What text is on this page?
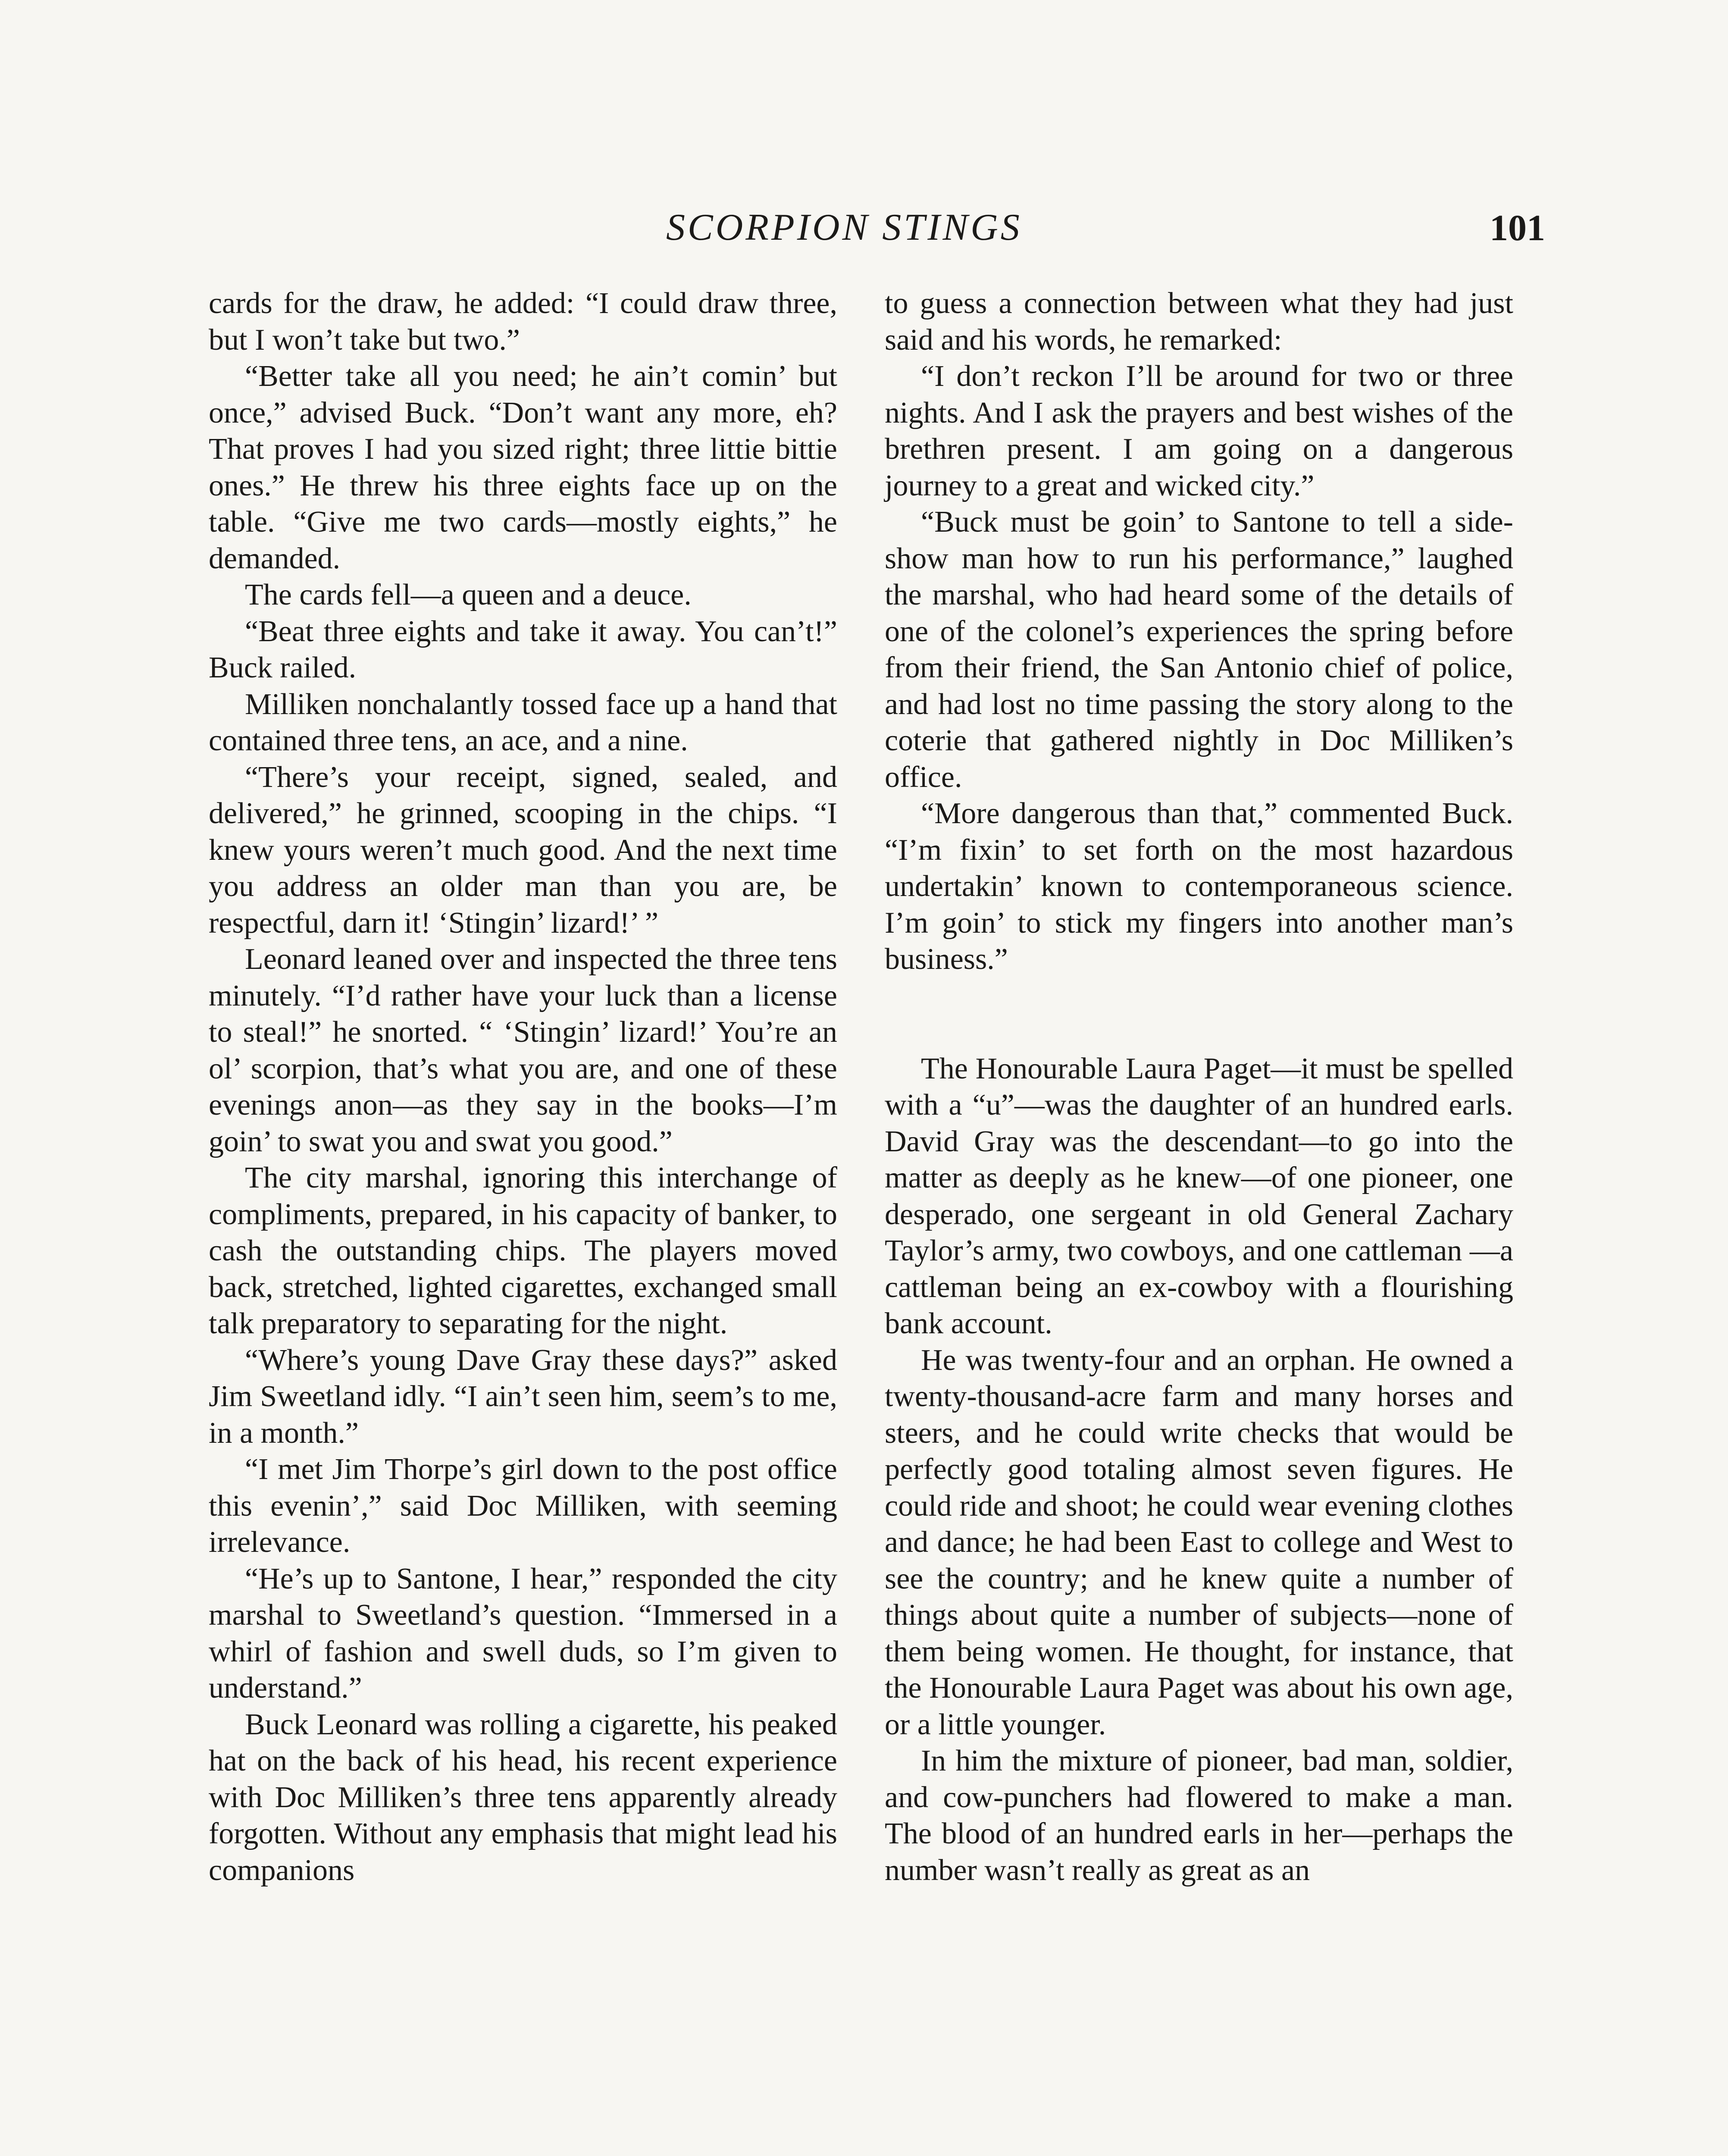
SCORPION STINGS	101

cards for the draw, he added: “I could draw three, but I won’t take but two.”

“Better take all you need; he ain’t comin’ but once,” advised Buck. “Don’t want any more, eh? That proves I had you sized right; three littie bittie ones.” He threw his three eights face up on the table. “Give me two cards—mostly eights,” he demanded.

The cards fell—a queen and a deuce.

“Beat three eights and take it away. You can’t!” Buck railed.

Milliken nonchalantly tossed face up a hand that contained three tens, an ace, and a nine.

“There’s your receipt, signed, sealed, and delivered,” he grinned, scooping in the chips. “I knew yours weren’t much good. And the next time you address an older man than you are, be respectful, darn it! ‘Stingin’ lizard!’ ”

Leonard leaned over and inspected the three tens minutely. “I’d rather have your luck than a license to steal!” he snorted. “ ‘Stingin’ lizard!’ You’re an ol’ scorpion, that’s what you are, and one of these evenings anon—as they say in the books—I’m goin’ to swat you and swat you good.”

The city marshal, ignoring this interchange of compliments, prepared, in his capacity of banker, to cash the outstanding chips. The players moved back, stretched, lighted cigarettes, exchanged small talk preparatory to separating for the night.

“Where’s young Dave Gray these days?” asked Jim Sweetland idly. “I ain’t seen him, seem’s to me, in a month.”

“I met Jim Thorpe’s girl down to the post office this evenin’,” said Doc Milliken, with seeming irrelevance.

“He’s up to Santone, I hear,” responded the city marshal to Sweetland’s question. “Immersed in a whirl of fashion and swell duds, so I’m given to understand.”

Buck Leonard was rolling a cigarette, his peaked hat on the back of his head, his recent experience with Doc Milliken’s three tens apparently already forgotten. Without any emphasis that might lead his companions

to guess a connection between what they had just said and his words, he remarked:

“I don’t reckon I’ll be around for two or three nights. And I ask the prayers and best wishes of the brethren present. I am going on a dangerous journey to a great and wicked city.”

“Buck must be goin’ to Santone to tell a side-show man how to run his performance,” laughed the marshal, who had heard some of the details of one of the colonel’s experiences the spring before from their friend, the San Antonio chief of police, and had lost no time passing the story along to the coterie that gathered nightly in Doc Milliken’s office.

“More dangerous than that,” commented Buck. “I’m fixin’ to set forth on the most hazardous undertakin’ known to contemporaneous science. I’m goin’ to stick my fingers into another man’s business.”

The Honourable Laura Paget—it must be spelled with a “u”—was the daughter of an hundred earls. David Gray was the descendant—to go into the matter as deeply as he knew—of one pioneer, one desperado, one sergeant in old General Zachary Taylor’s army, two cowboys, and one cattleman —a cattleman being an ex-cowboy with a flourishing bank account.

He was twenty-four and an orphan. He owned a twenty-thousand-acre farm and many horses and steers, and he could write checks that would be perfectly good totaling almost seven figures. He could ride and shoot; he could wear evening clothes and dance; he had been East to college and West to see the country; and he knew quite a number of things about quite a number of subjects—none of them being women. He thought, for instance, that the Honourable Laura Paget was about his own age, or a little younger.

In him the mixture of pioneer, bad man, soldier, and cow-punchers had flowered to make a man. The blood of an hundred earls in her—perhaps the number wasn’t really as great as an
